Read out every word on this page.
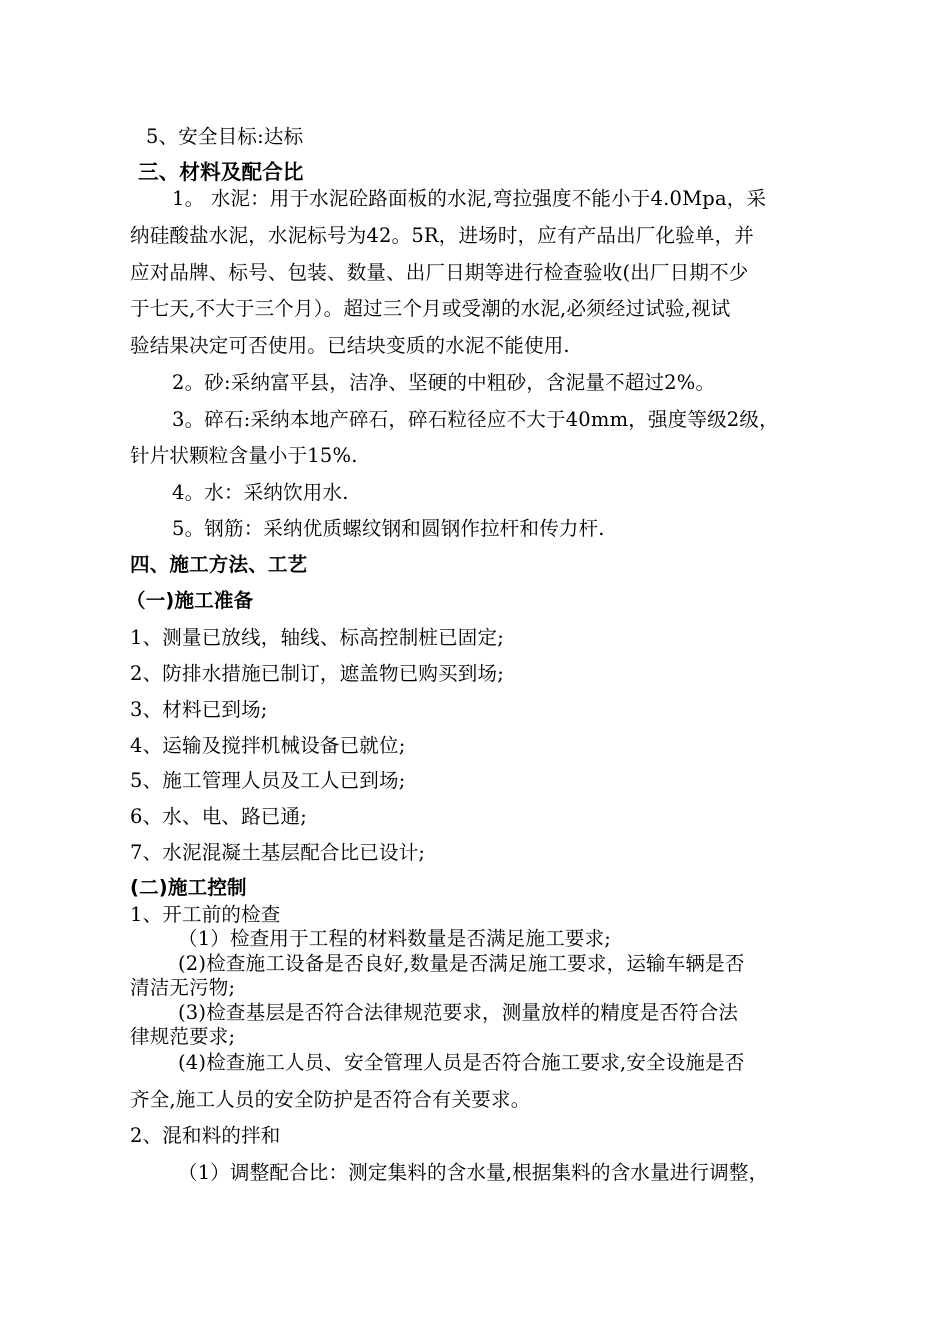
5、安全目标:达标
三、材料及配合比
1。 水泥：用于水泥砼路面板的水泥,弯拉强度不能小于4.0Mpa，采
纳硅酸盐水泥，水泥标号为42。5R，进场时，应有产品出厂化验单，并
应对品牌、标号、包装、数量、出厂日期等进行检查验收(出厂日期不少
于七天,不大于三个月）。超过三个月或受潮的水泥,必须经过试验,视试
验结果决定可否使用。已结块变质的水泥不能使用.
2。砂:采纳富平县，洁净、坚硬的中粗砂，含泥量不超过2%。
3。碎石:采纳本地产碎石，碎石粒径应不大于40mm，强度等级2级，
针片状颗粒含量小于15%.
4。水：采纳饮用水.
5。钢筋：采纳优质螺纹钢和圆钢作拉杆和传力杆.
四、施工方法、工艺
（一)施工准备
1、测量已放线，轴线、标高控制桩已固定;
2、防排水措施已制订，遮盖物已购买到场;
3、材料已到场;
4、运输及搅拌机械设备已就位;
5、施工管理人员及工人已到场;
6、水、电、路已通;
7、水泥混凝土基层配合比已设计;
(二)施工控制
1、开工前的检查
（1）检查用于工程的材料数量是否满足施工要求;
(2)检查施工设备是否良好,数量是否满足施工要求，运输车辆是否
清洁无污物;
(3)检查基层是否符合法律规范要求，测量放样的精度是否符合法
律规范要求;
(4)检查施工人员、安全管理人员是否符合施工要求,安全设施是否
齐全,施工人员的安全防护是否符合有关要求。
2、混和料的拌和
（1）调整配合比：测定集料的含水量,根据集料的含水量进行调整，
